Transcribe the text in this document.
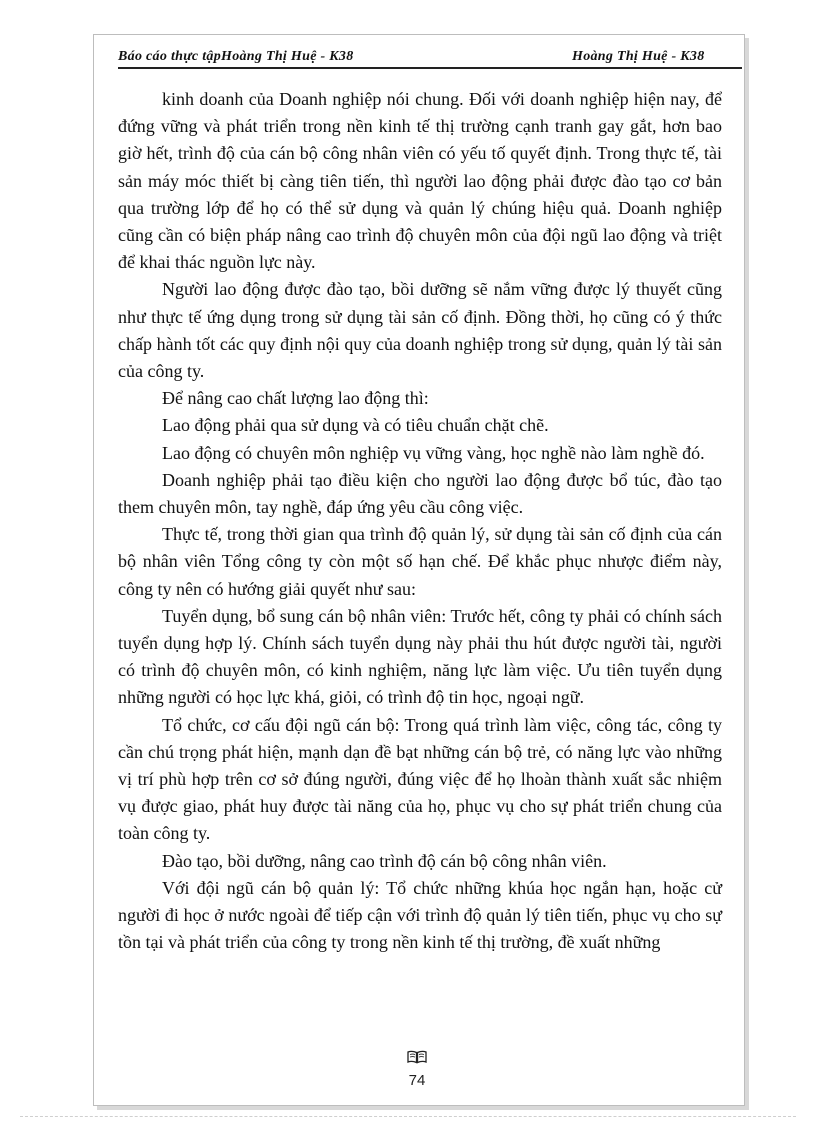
Báo cáo thực tậpHoàng Thị Huệ - K38	Hoàng Thị Huệ - K38

kinh doanh của Doanh nghiệp nói chung. Đối với doanh nghiệp hiện nay, để đứng vững và phát triển trong nền kinh tế thị trường cạnh tranh gay gắt, hơn bao giờ hết, trình độ của cán bộ công nhân viên có yếu tố quyết định. Trong thực tế, tài sản máy móc thiết bị càng tiên tiến, thì người lao động phải được đào tạo cơ bản qua trường lớp để họ có thể sử dụng và quản lý chúng hiệu quả. Doanh nghiệp cũng cần có biện pháp nâng cao trình độ chuyên môn của đội ngũ lao động và triệt để khai thác nguồn lực này.

Người lao động được đào tạo, bồi dưỡng sẽ nắm vững được lý thuyết cũng như thực tế ứng dụng trong sử dụng tài sản cố định. Đồng thời, họ cũng có ý thức chấp hành tốt các quy định nội quy của doanh nghiệp trong sử dụng, quản lý tài sản của công ty.

Để nâng cao chất lượng lao động thì:

Lao động phải qua sử dụng và có tiêu chuẩn chặt chẽ.

Lao động có chuyên môn nghiệp vụ vững vàng, học nghề nào làm nghề đó.

Doanh nghiệp phải tạo điều kiện cho người lao động được bổ túc, đào tạo them chuyên môn, tay nghề, đáp ứng yêu cầu công việc.

Thực tế, trong thời gian qua trình độ quản lý, sử dụng tài sản cố định của cán bộ nhân viên Tổng công ty còn một số hạn chế. Để khắc phục nhược điểm này, công ty nên có hướng giải quyết như sau:

Tuyển dụng, bổ sung cán bộ nhân viên: Trước hết, công ty phải có chính sách tuyển dụng hợp lý. Chính sách tuyển dụng này phải thu hút được người tài, người có trình độ chuyên môn, có kinh nghiệm, năng lực làm việc. Ưu tiên tuyển dụng những người có học lực khá, giỏi, có trình độ tin học, ngoại ngữ.

Tổ chức, cơ cấu đội ngũ cán bộ: Trong quá trình làm việc, công tác, công ty cần chú trọng phát hiện, mạnh dạn đề bạt những cán bộ trẻ, có năng lực vào những vị trí phù hợp trên cơ sở đúng người, đúng việc để họ lhoàn thành xuất sắc nhiệm vụ được giao, phát huy được tài năng của họ, phục vụ cho sự phát triển chung của toàn công ty.

Đào tạo, bồi dưỡng, nâng cao trình độ cán bộ công nhân viên.

Với đội ngũ cán bộ quản lý: Tổ chức những khúa học ngắn hạn, hoặc cử người đi học ở nước ngoài để tiếp cận với trình độ quản lý tiên tiến, phục vụ cho sự tồn tại và phát triển của công ty trong nền kinh tế thị trường, đề xuất những

74
